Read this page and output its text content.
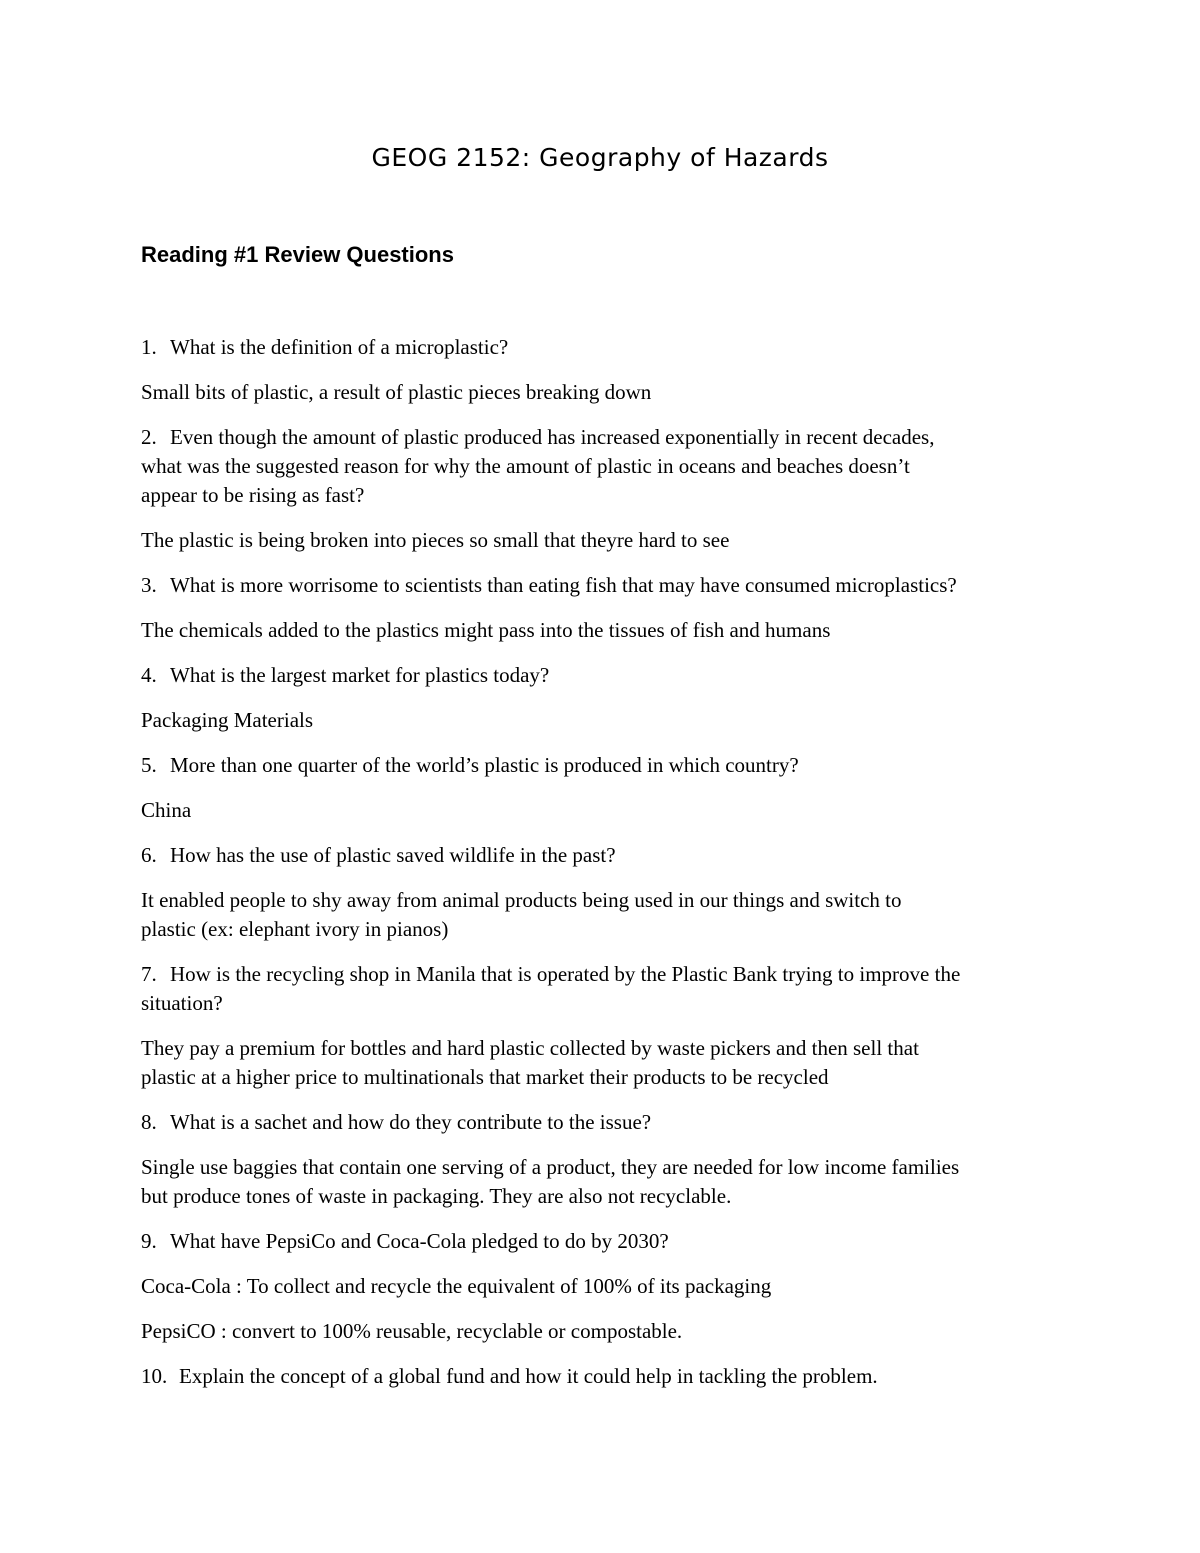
GEOG 2152: Geography of Hazards
Reading #1 Review Questions
1. What is the definition of a microplastic?
Small bits of plastic, a result of plastic pieces breaking down
2. Even though the amount of plastic produced has increased exponentially in recent decades,
what was the suggested reason for why the amount of plastic in oceans and beaches doesn’t
appear to be rising as fast?
The plastic is being broken into pieces so small that theyre hard to see
3. What is more worrisome to scientists than eating fish that may have consumed microplastics?
The chemicals added to the plastics might pass into the tissues of fish and humans
4. What is the largest market for plastics today?
Packaging Materials
5. More than one quarter of the world’s plastic is produced in which country?
China
6. How has the use of plastic saved wildlife in the past?
It enabled people to shy away from animal products being used in our things and switch to
plastic (ex: elephant ivory in pianos)
7. How is the recycling shop in Manila that is operated by the Plastic Bank trying to improve the
situation?
They pay a premium for bottles and hard plastic collected by waste pickers and then sell that
plastic at a higher price to multinationals that market their products to be recycled
8. What is a sachet and how do they contribute to the issue?
Single use baggies that contain one serving of a product, they are needed for low income families
but produce tones of waste in packaging. They are also not recyclable.
9. What have PepsiCo and Coca-Cola pledged to do by 2030?
Coca-Cola : To collect and recycle the equivalent of 100% of its packaging
PepsiCO : convert to 100% reusable, recyclable or compostable.
10. Explain the concept of a global fund and how it could help in tackling the problem.
